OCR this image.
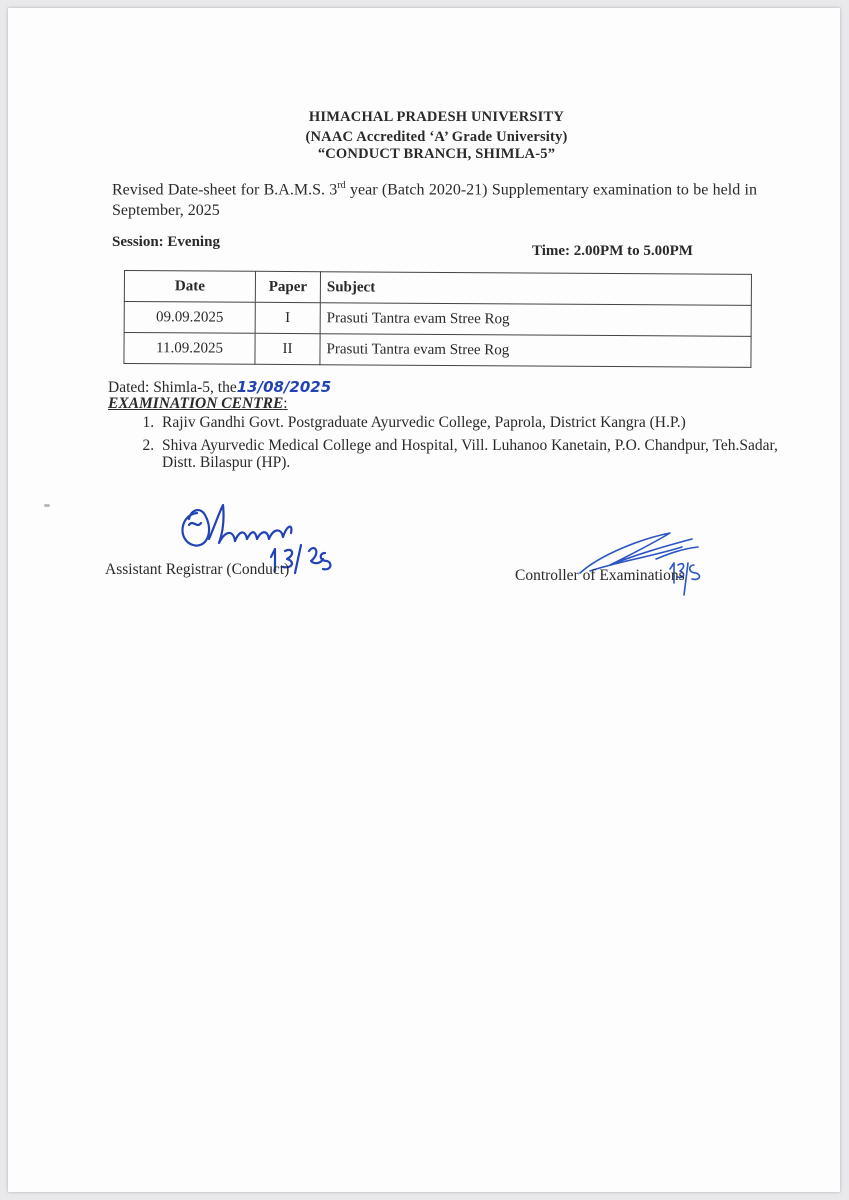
HIMACHAL PRADESH UNIVERSITY
(NAAC Accredited ‘A’ Grade University)
“CONDUCT BRANCH, SHIMLA-5”
Revised Date-sheet for B.A.M.S. 3rd year (Batch 2020-21) Supplementary examination to be held in September, 2025
Session: Evening
Time: 2.00PM to 5.00PM
Date	Paper	Subject
09.09.2025	I	Prasuti Tantra evam Stree Rog
11.09.2025	II	Prasuti Tantra evam Stree Rog
Dated: Shimla-5, the13/08/2025
EXAMINATION CENTRE:
1. Rajiv Gandhi Govt. Postgraduate Ayurvedic College, Paprola, District Kangra (H.P.)
2. Shiva Ayurvedic Medical College and Hospital, Vill. Luhanoo Kanetain, P.O. Chandpur, Teh.Sadar, Distt. Bilaspur (HP).
Shama 13/8/25
13/8
Assistant Registrar (Conduct)	Controller of Examinations
